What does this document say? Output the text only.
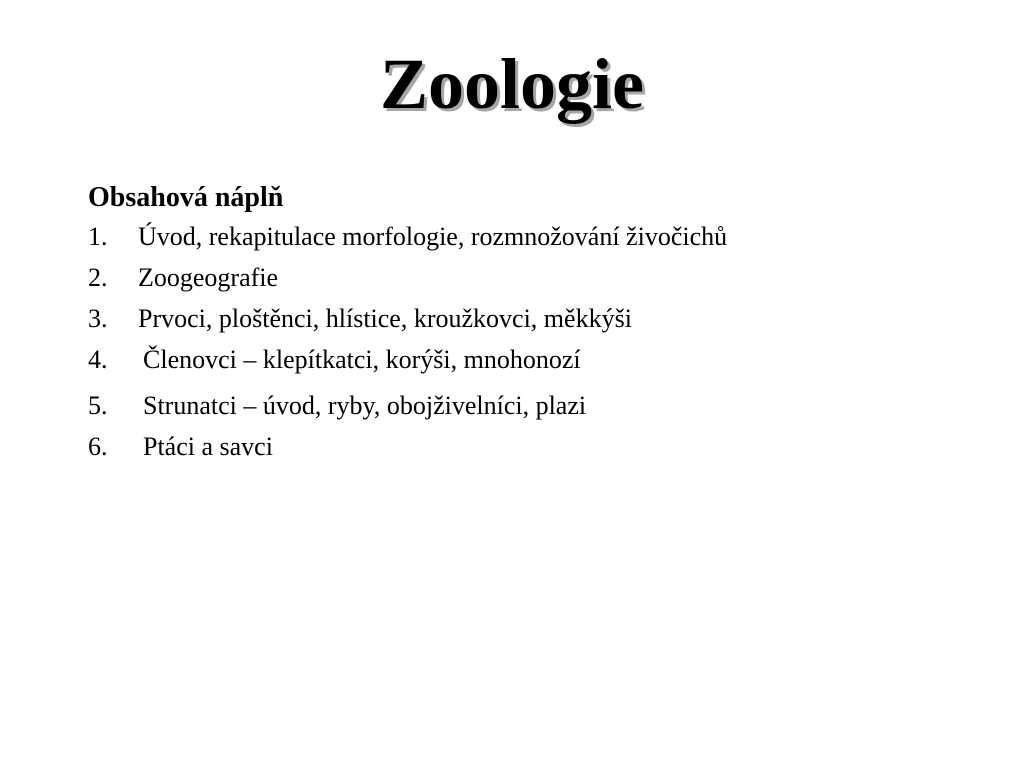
Zoologie

Obsahová náplň

1.	Úvod, rekapitulace morfologie, rozmnožování živočichů
2.	Zoogeografie
3.	Prvoci, ploštěnci, hlístice, kroužkovci, měkkýši
4.	Členovci – klepítkatci, korýši, mnohonozí
5.	Strunatci – úvod, ryby, obojživelníci, plazi
6.	Ptáci a savci
